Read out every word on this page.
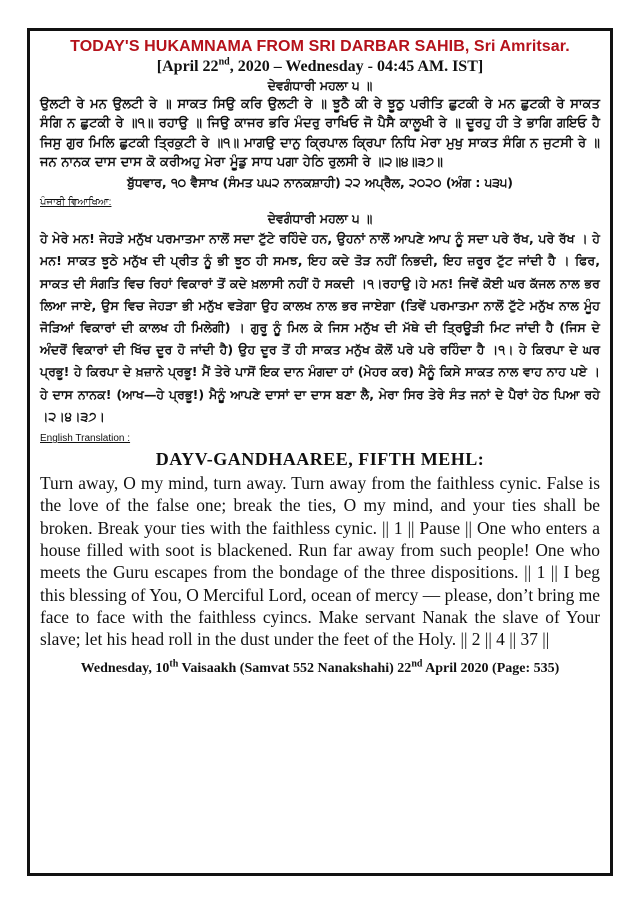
TODAY'S HUKAMNAMA FROM SRI DARBAR SAHIB, Sri Amritsar.
[April 22nd, 2020 – Wednesday - 04:45 AM. IST]
ਦੇਵਗੰਧਾਰੀ ਮਹਲਾ ੫ ॥
ਉਲਟੀ ਰੇ ਮਨ ਉਲਟੀ ਰੇ ॥ ਸਾਕਤ ਸਿਉ ਕਰਿ ਉਲਟੀ ਰੇ ॥ ਝੂਠੈ ਕੀ ਰੇ ਝੂਠੁ ਪਰੀਤਿ ਛੁਟਕੀ ਰੇ ਮਨ ਛੁਟਕੀ ਰੇ ਸਾਕਤ ਸੰਗਿ ਨ ਛੁਟਕੀ ਰੇ ॥੧॥ ਰਹਾਉ ॥ ਜਿਉ ਕਾਜਰ ਭਰਿ ਮੰਦਰੁ ਰਾਖਿਓ ਜੋ ਪੈਸੈ ਕਾਲੂਖੀ ਰੇ ॥ ਦੂਰਹੁ ਹੀ ਤੇ ਭਾਗਿ ਗਇਓ ਹੈ ਜਿਸੁ ਗੁਰ ਮਿਲਿ ਛੁਟਕੀ ਤ੍ਰਿਕੁਟੀ ਰੇ ॥੧॥ ਮਾਗਉ ਦਾਨੁ ਕ੍ਰਿਪਾਲ ਕ੍ਰਿਪਾ ਨਿਧਿ ਮੇਰਾ ਮੁਖੁ ਸਾਕਤ ਸੰਗਿ ਨ ਜੁਟਸੀ ਰੇ ॥ ਜਨ ਨਾਨਕ ਦਾਸ ਦਾਸ ਕੋ ਕਰੀਅਹੁ ਮੇਰਾ ਮੂੰਡੁ ਸਾਧ ਪਗਾ ਹੇਠਿ ਰੁਲਸੀ ਰੇ ॥੨॥੪॥੩੭॥
ਬੁੱਧਵਾਰ, ੧੦ ਵੈਸਾਖ (ਸੰਮਤ ੫੫੨ ਨਾਨਕਸ਼ਾਹੀ) ੨੨ ਅਪ੍ਰੈਲ, ੨੦੨੦ (ਅੰਗ : ੫੩੫)
ਪੰਜਾਬੀ ਵਿਆਖਿਆ:
ਦੇਵਗੰਧਾਰੀ ਮਹਲਾ ੫ ॥
ਹੇ ਮੇਰੇ ਮਨ! ਜੇਹੜੇ ਮਨੁੱਖ ਪਰਮਾਤਮਾ ਨਾਲੋਂ ਸਦਾ ਟੁੱਟੇ ਰਹਿੰਦੇ ਹਨ, ਉਹਨਾਂ ਨਾਲੋਂ ਆਪਣੇ ਆਪ ਨੂੰ ਸਦਾ ਪਰੇ ਰੱਖ, ਪਰੇ ਰੱਖ । ਹੇ ਮਨ! ਸਾਕਤ ਝੂਠੇ ਮਨੁੱਖ ਦੀ ਪ੍ਰੀਤ ਨੂੰ ਭੀ ਝੂਠ ਹੀ ਸਮਝ, ਇਹ ਕਦੇ ਤੋੜ ਨਹੀਂ ਨਿਭਦੀ, ਇਹ ਜ਼ਰੂਰ ਟੁੱਟ ਜਾਂਦੀ ਹੈ । ਫਿਰ, ਸਾਕਤ ਦੀ ਸੰਗਤਿ ਵਿਚ ਰਿਹਾਂ ਵਿਕਾਰਾਂ ਤੋਂ ਕਦੇ ਖ਼ਲਾਸੀ ਨਹੀਂ ਹੋ ਸਕਦੀ ।੧।ਰਹਾਉ।ਹੇ ਮਨ! ਜਿਵੇਂ ਕੋਈ ਘਰ ਕੱਜਲ ਨਾਲ ਭਰ ਲਿਆ ਜਾਏ, ਉਸ ਵਿਚ ਜੇਹੜਾ ਭੀ ਮਨੁੱਖ ਵੜੇਗਾ ਉਹ ਕਾਲਖ ਨਾਲ ਭਰ ਜਾਏਗਾ (ਤਿਵੇਂ ਪਰਮਾਤਮਾ ਨਾਲੋਂ ਟੁੱਟੇ ਮਨੁੱਖ ਨਾਲ ਮੂੰਹ ਜੋੜਿਆਂ ਵਿਕਾਰਾਂ ਦੀ ਕਾਲਖ ਹੀ ਮਿਲੇਗੀ) । ਗੁਰੂ ਨੂੰ ਮਿਲ ਕੇ ਜਿਸ ਮਨੁੱਖ ਦੀ ਮੱਥੇ ਦੀ ਤ੍ਰਿਊੜੀ ਮਿਟ ਜਾਂਦੀ ਹੈ (ਜਿਸ ਦੇ ਅੰਦਰੋਂ ਵਿਕਾਰਾਂ ਦੀ ਖਿੱਚ ਦੂਰ ਹੋ ਜਾਂਦੀ ਹੈ) ਉਹ ਦੂਰ ਤੋਂ ਹੀ ਸਾਕਤ ਮਨੁੱਖ ਕੋਲੋਂ ਪਰੇ ਪਰੇ ਰਹਿੰਦਾ ਹੈ ।੧। ਹੇ ਕਿਰਪਾ ਦੇ ਘਰ ਪ੍ਰਭੂ! ਹੇ ਕਿਰਪਾ ਦੇ ਖ਼ਜ਼ਾਨੇ ਪ੍ਰਭੂ! ਮੈਂ ਤੇਰੇ ਪਾਸੋਂ ਇਕ ਦਾਨ ਮੰਗਦਾ ਹਾਂ (ਮੇਹਰ ਕਰ) ਮੈਨੂੰ ਕਿਸੇ ਸਾਕਤ ਨਾਲ ਵਾਹ ਨਾਹ ਪਏ । ਹੇ ਦਾਸ ਨਾਨਕ! (ਆਖ—ਹੇ ਪ੍ਰਭੂ!) ਮੈਨੂੰ ਆਪਣੇ ਦਾਸਾਂ ਦਾ ਦਾਸ ਬਣਾ ਲੈ, ਮੇਰਾ ਸਿਰ ਤੇਰੇ ਸੰਤ ਜਨਾਂ ਦੇ ਪੈਰਾਂ ਹੇਠ ਪਿਆ ਰਹੇ ।੨।੪।੩੭।
English Translation :
DAYV-GANDHAAREE, FIFTH MEHL:
Turn away, O my mind, turn away. Turn away from the faithless cynic. False is the love of the false one; break the ties, O my mind, and your ties shall be broken. Break your ties with the faithless cynic. || 1 || Pause || One who enters a house filled with soot is blackened. Run far away from such people! One who meets the Guru escapes from the bondage of the three dispositions. || 1 || I beg this blessing of You, O Merciful Lord, ocean of mercy — please, don’t bring me face to face with the faithless cyincs. Make servant Nanak the slave of Your slave; let his head roll in the dust under the feet of the Holy. || 2 || 4 || 37 ||
Wednesday, 10th Vaisaakh (Samvat 552 Nanakshahi) 22nd April 2020 (Page: 535)
